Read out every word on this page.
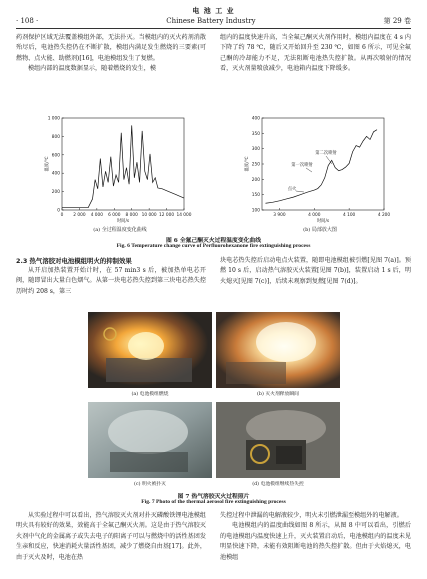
电 池 工 业
· 108 ·	Chinese Battery Industry	第 29 卷

药剂保护区域无法覆盖模组外部，无法扑灭。当模组内的灭火药剂消散殆尽后，电池热失控仍在不断扩散，模组内满足发生燃烧的三要素(可燃物、点火能、助燃剂)[16]，电池模组发生了复燃。

模组内部的温度数据显示，随着燃烧的发生，模

组内的温度快速升高，当全氟己酮灭火剂作用时，模组内温度在 4 s 内下降了约 78 ℃，随后又开始回升至 230 ℃，如图 6 所示，可见全氟己酮的冷却能力不足，无法阻断电池热失控扩散。从再次喷射的情况看，灭火剂量喷放减少，电池箱内温度下降缓多。

0 2 000 4 000 6 000 8 000 10 000 12 000 14 000
0
200
400
600
800
1 000
时间/s
温度/℃
(a) 全过程温度变化曲线
3 900	4 000	4 100	4 200
100
150
200
250
300
350
400
时间/s
温度/℃
第二次喷射
第一次喷射
点火
(b) 局部放大图
图 6 全氟己酮灭火过程温度变化曲线
Fig. 6 Temperature change curve of Perfluorohexanone fire extinguishing process
2.3 热气溶胶对电池模组明火的抑制效果

从开启加热装置开始计时，在 57 min3 s 后，被加热单电芯开阀，随即冒出大量白色烟气。从第一块电芯热失控到第三块电芯热失控历时约 208 s，第三

块电芯热失控后启动电点火装置，随即电池模组被引燃[见图 7(a)]。预燃 10 s 后，启动热气溶胶灭火装置[见图 7(b)]，装置启动 1 s 后，明火熄灭[见图 7(c)]，后续未观察到复燃[见图 7(d)]。

(a) 电池模组燃烧	(b) 灭火剂释放瞬间
(c) 明火被扑灭	(d) 电池模组继续热失控
图 7 热气溶胶灭火过程照片
Fig. 7 Photo of the thermal aerosol fire extinguishing process

从实验过程中可以看出，热气溶胶灭火剂对扑灭磷酸铁锂电池模组明火具有较好的效果，效能高于全氟己酮灭火剂。这是由于热气溶胶灭火剂中气化的金属离子或失去电子的阳离子可以与燃烧中的活性基团发生亲和反应，快速消耗火量活性基团，减少了燃烧自由基[17]。此外，由于灭火及时，电池在热

失控过程中泄漏的电解液较少，明火未引燃泄漏至模组外的电解液。

电池模组内的温度曲线如图 8 所示，从图 8 中可以看出，引燃后的电池模组内温度快速上升，灭火装置启动后，电池模组内的温度未见明显快速下降，未能有效阻断电池的热失控扩散。但由于火焰熄灭，电池模组
